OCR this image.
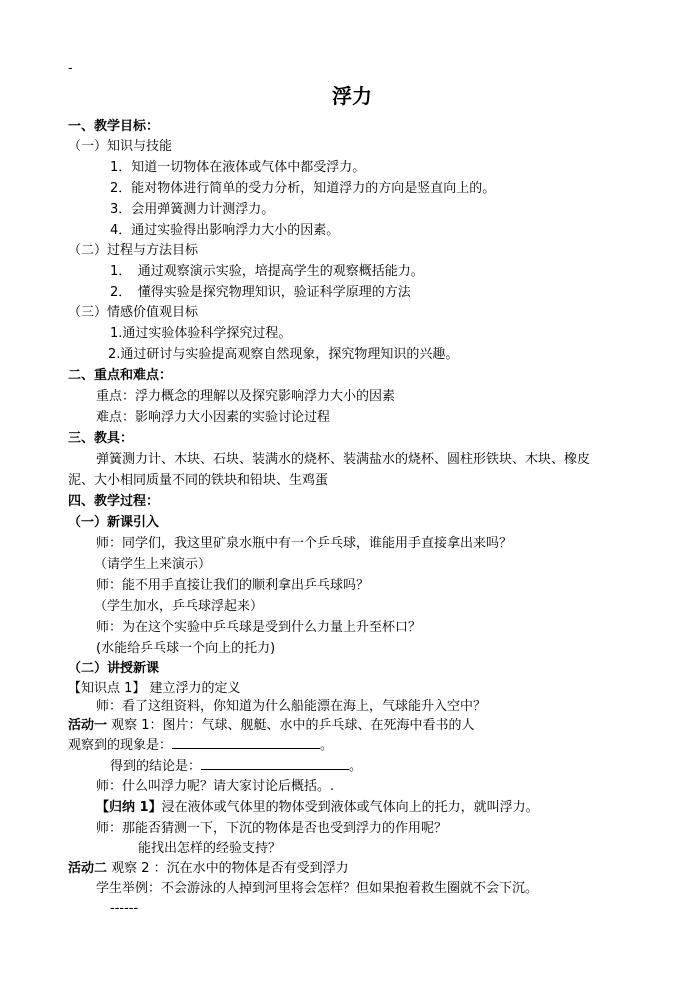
-
浮力
一、教学目标：
（一）知识与技能
1．知道一切物体在液体或气体中都受浮力。
2．能对物体进行简单的受力分析，知道浮力的方向是竖直向上的。
3．会用弹簧测力计测浮力。
4．通过实验得出影响浮力大小的因素。
（二）过程与方法目标
1．　通过观察演示实验，培提高学生的观察概括能力。
2．　懂得实验是探究物理知识，验证科学原理的方法
（三）情感价值观目标
1.通过实验体验科学探究过程。
2.通过研讨与实验提高观察自然现象，探究物理知识的兴趣。
二、重点和难点：
重点：浮力概念的理解以及探究影响浮力大小的因素
难点：影响浮力大小因素的实验讨论过程
三、教具：
弹簧测力计、木块、石块、装满水的烧杯、装满盐水的烧杯、圆柱形铁块、木块、橡皮
泥、大小相同质量不同的铁块和铅块、生鸡蛋
四、教学过程：
（一）新课引入
师：同学们，我这里矿泉水瓶中有一个乒乓球，谁能用手直接拿出来吗？
（请学生上来演示）
师：能不用手直接让我们的顺利拿出乒乓球吗？
（学生加水，乒乓球浮起来）
师：为在这个实验中乒乓球是受到什么力量上升至杯口？
(水能给乒乓球一个向上的托力)
（二）讲授新课
【知识点 1】 建立浮力的定义
师：看了这组资料，你知道为什么船能漂在海上，气球能升入空中？
活动一 观察 1：图片：气球、舰艇、水中的乒乓球、在死海中看书的人
观察到的现象是：	。
得到的结论是：	。
师：什么叫浮力呢？请大家讨论后概括。.
【归纳 1】浸在液体或气体里的物体受到液体或气体向上的托力，就叫浮力。
师：那能否猜测一下，下沉的物体是否也受到浮力的作用呢？
能找出怎样的经验支持？
活动二 观察 2 ：沉在水中的物体是否有受到浮力
学生举例：不会游泳的人掉到河里将会怎样？但如果抱着救生圈就不会下沉。
------
